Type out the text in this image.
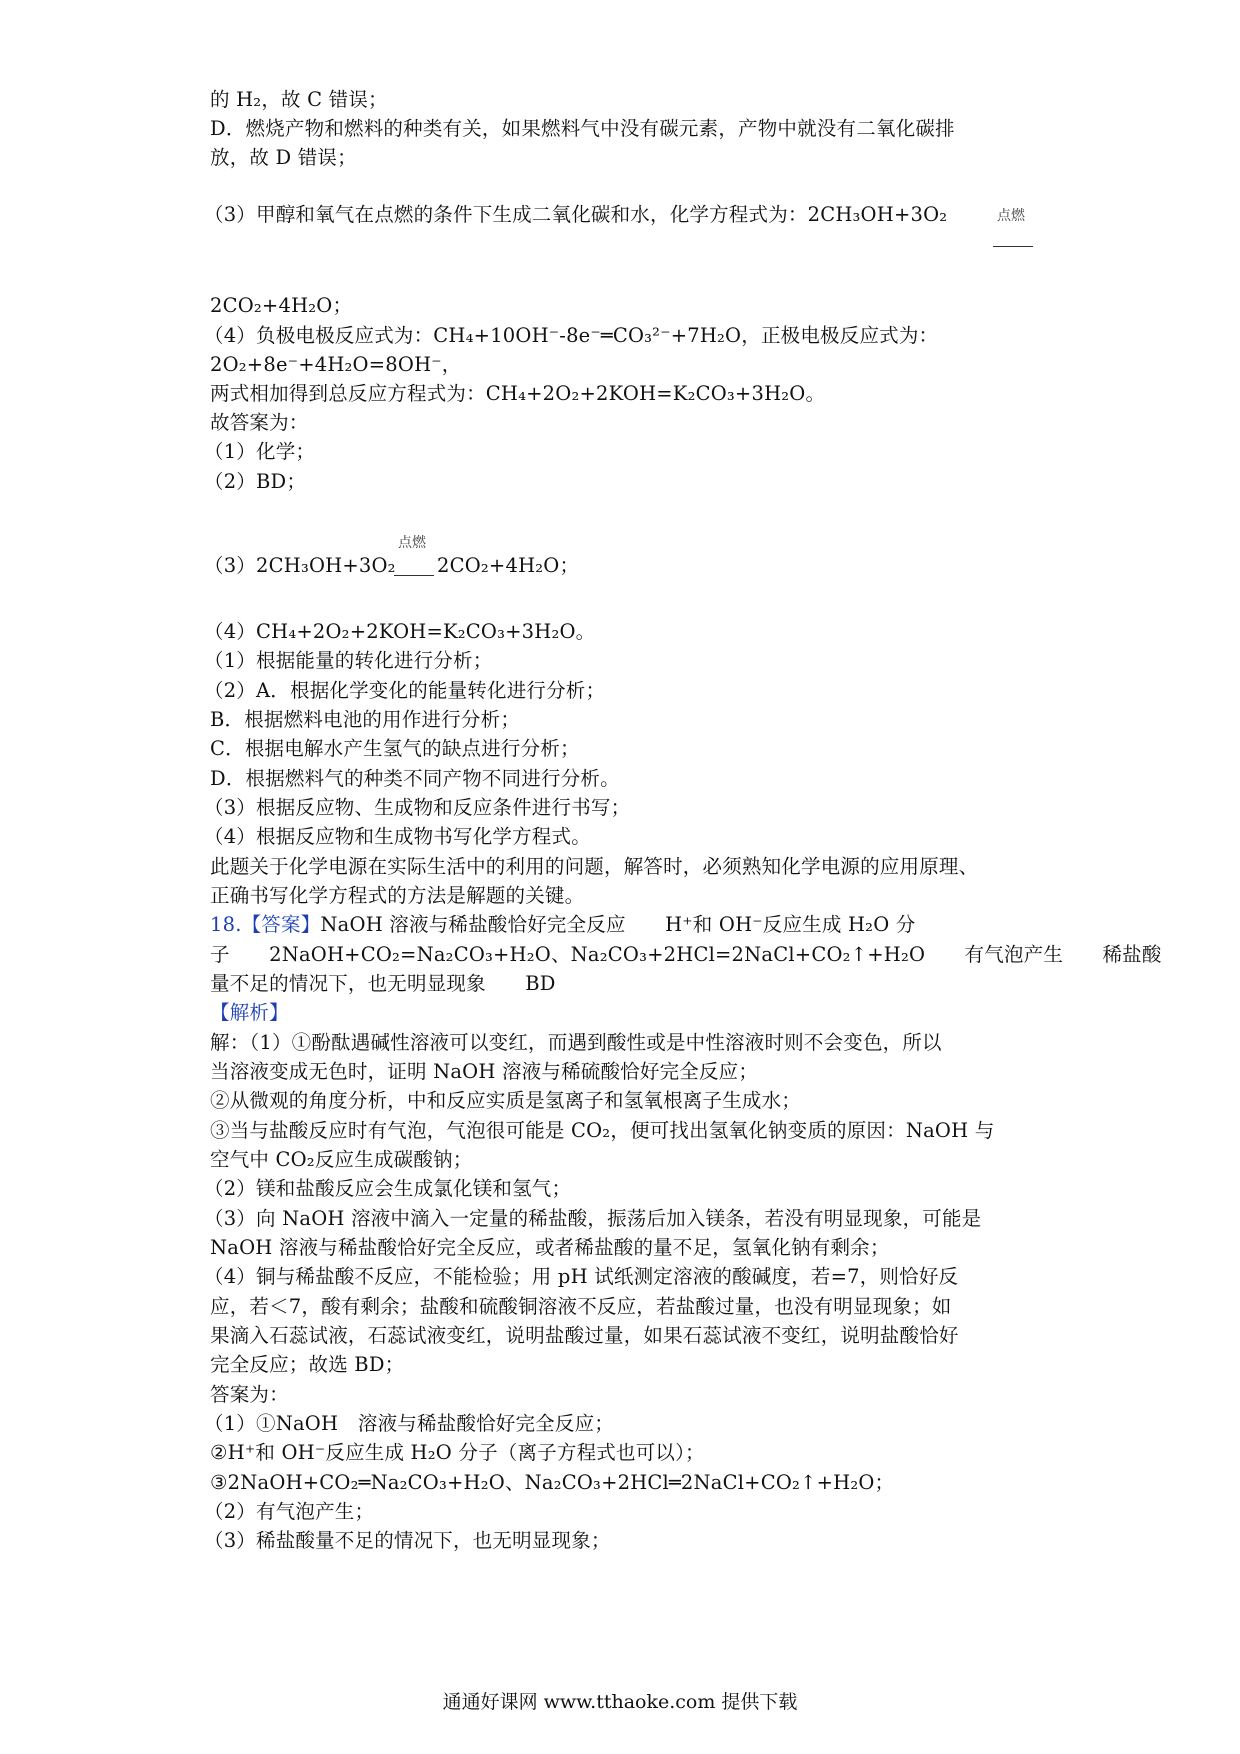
的 H₂，故 C 错误；
D．燃烧产物和燃料的种类有关，如果燃料气中没有碳元素，产物中就没有二氧化碳排
放，故 D 错误；
（3）甲醇和氧气在点燃的条件下生成二氧化碳和水，化学方程式为：2CH₃OH+3O₂	点燃
2CO₂+4H₂O；
（4）负极电极反应式为：CH₄+10OH⁻-8e⁻═CO₃²⁻+7H₂O，正极电极反应式为：
2O₂+8e⁻+4H₂O=8OH⁻，
两式相加得到总反应方程式为：CH₄+2O₂+2KOH=K₂CO₃+3H₂O。
故答案为：
（1）化学；
（2）BD；
（3）2CH₃OH+3O₂
点燃
2CO₂+4H₂O；
（4）CH₄+2O₂+2KOH=K₂CO₃+3H₂O。
（1）根据能量的转化进行分析；
（2）A．根据化学变化的能量转化进行分析；
B．根据燃料电池的用作进行分析；
C．根据电解水产生氢气的缺点进行分析；
D．根据燃料气的种类不同产物不同进行分析。
（3）根据反应物、生成物和反应条件进行书写；
（4）根据反应物和生成物书写化学方程式。
此题关于化学电源在实际生活中的利用的问题，解答时，必须熟知化学电源的应用原理、
正确书写化学方程式的方法是解题的关键。
18.【答案】NaOH 溶液与稀盐酸恰好完全反应　　H⁺和 OH⁻反应生成 H₂O 分
子　　2NaOH+CO₂=Na₂CO₃+H₂O、Na₂CO₃+2HCl=2NaCl+CO₂↑+H₂O　　有气泡产生　　稀盐酸
量不足的情况下，也无明显现象　　BD
【解析】
解：（1）①酚酞遇碱性溶液可以变红，而遇到酸性或是中性溶液时则不会变色，所以
当溶液变成无色时，证明 NaOH 溶液与稀硫酸恰好完全反应；
②从微观的角度分析，中和反应实质是氢离子和氢氧根离子生成水；
③当与盐酸反应时有气泡，气泡很可能是 CO₂，便可找出氢氧化钠变质的原因：NaOH 与
空气中 CO₂反应生成碳酸钠；
（2）镁和盐酸反应会生成氯化镁和氢气；
（3）向 NaOH 溶液中滴入一定量的稀盐酸，振荡后加入镁条，若没有明显现象，可能是
NaOH 溶液与稀盐酸恰好完全反应，或者稀盐酸的量不足，氢氧化钠有剩余；
（4）铜与稀盐酸不反应，不能检验；用 pH 试纸测定溶液的酸碱度，若=7，则恰好反
应，若＜7，酸有剩余；盐酸和硫酸铜溶液不反应，若盐酸过量，也没有明显现象；如
果滴入石蕊试液，石蕊试液变红，说明盐酸过量，如果石蕊试液不变红，说明盐酸恰好
完全反应；故选 BD；
答案为：
（1）①NaOH　溶液与稀盐酸恰好完全反应；
②H⁺和 OH⁻反应生成 H₂O 分子（离子方程式也可以）；
③2NaOH+CO₂═Na₂CO₃+H₂O、Na₂CO₃+2HCl═2NaCl+CO₂↑+H₂O；
（2）有气泡产生；
（3）稀盐酸量不足的情况下，也无明显现象；
通通好课网 www.tthaoke.com 提供下载
